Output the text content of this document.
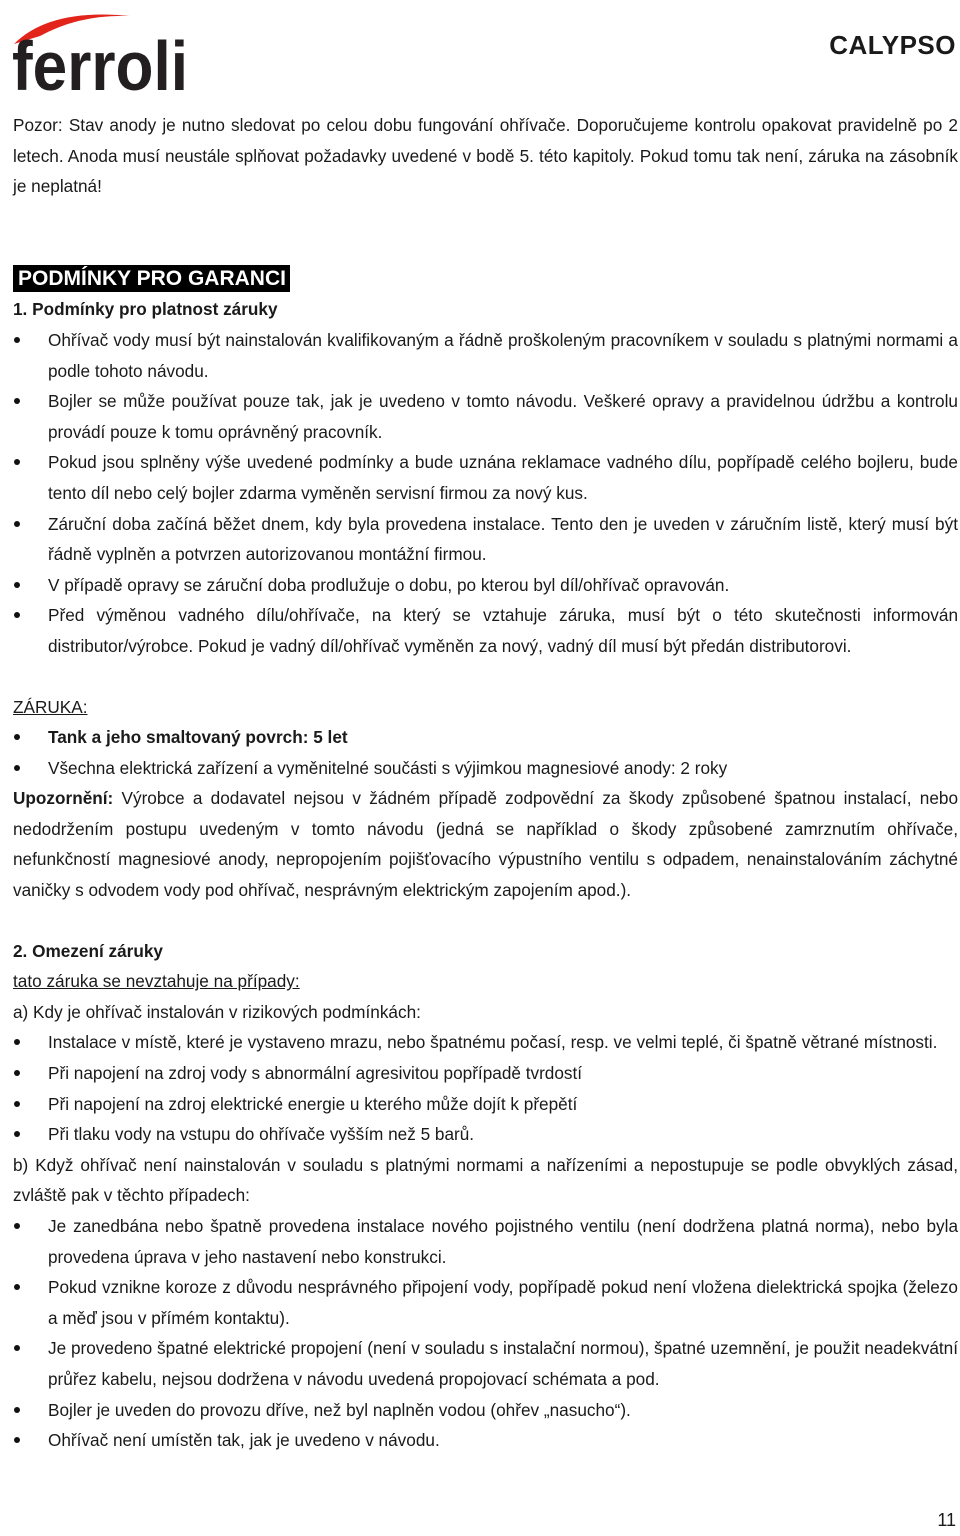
ferroli	CALYPSO

Pozor: Stav anody je nutno sledovat po celou dobu fungování ohřívače. Doporučujeme kontrolu opakovat pravidelně po 2 letech. Anoda musí neustále splňovat požadavky uvedené v bodě 5. této kapitoly. Pokud tomu tak není, záruka na zásobník je neplatná!

PODMÍNKY PRO GARANCI

1. Podmínky pro platnost záruky

Ohřívač vody musí být nainstalován kvalifikovaným a řádně proškoleným pracovníkem v souladu s platnými normami a podle tohoto návodu.
Bojler se může používat pouze tak, jak je uvedeno v tomto návodu. Veškeré opravy a pravidelnou údržbu a kontrolu provádí pouze k tomu oprávněný pracovník.
Pokud jsou splněny výše uvedené podmínky a bude uznána reklamace vadného dílu, popřípadě celého bojleru, bude tento díl nebo celý bojler zdarma vyměněn servisní firmou za nový kus.
Záruční doba začíná běžet dnem, kdy byla provedena instalace. Tento den je uveden v záručním listě, který musí být řádně vyplněn a potvrzen autorizovanou montážní firmou.
V případě opravy se záruční doba prodlužuje o dobu, po kterou byl díl/ohřívač opravován.
Před výměnou vadného dílu/ohřívače, na který se vztahuje záruka, musí být o této skutečnosti informován distributor/výrobce. Pokud je vadný díl/ohřívač vyměněn za nový, vadný díl musí být předán distributorovi.

ZÁRUKA:

Tank a jeho smaltovaný povrch: 5 let
Všechna elektrická zařízení a vyměnitelné součásti s výjimkou magnesiové anody: 2 roky

Upozornění: Výrobce a dodavatel nejsou v žádném případě zodpovědní za škody způsobené špatnou instalací, nebo nedodržením postupu uvedeným v tomto návodu (jedná se například o škody způsobené zamrznutím ohřívače, nefunkčností magnesiové anody, nepropojením pojišťovacího výpustního ventilu s odpadem, nenainstalováním záchytné vaničky s odvodem vody pod ohřívač, nesprávným elektrickým zapojením apod.).

2. Omezení záruky

tato záruka se nevztahuje na případy:

a) Kdy je ohřívač instalován v rizikových podmínkách:

Instalace v místě, které je vystaveno mrazu, nebo špatnému počasí, resp. ve velmi teplé, či špatně větrané místnosti.
Při napojení na zdroj vody s abnormální agresivitou popřípadě tvrdostí
Při napojení na zdroj elektrické energie u kterého může dojít k přepětí
Při tlaku vody na vstupu do ohřívače vyšším než 5 barů.

b) Když ohřívač není nainstalován v souladu s platnými normami a nařízeními a nepostupuje se podle obvyklých zásad, zvláště pak v těchto případech:

Je zanedbána nebo špatně provedena instalace nového pojistného ventilu (není dodržena platná norma), nebo byla provedena úprava v jeho nastavení nebo konstrukci.
Pokud vznikne koroze z důvodu nesprávného připojení vody, popřípadě pokud není vložena dielektrická spojka (železo a měď jsou v přímém kontaktu).
Je provedeno špatné elektrické propojení (není v souladu s instalační normou), špatné uzemnění, je použit neadekvátní průřez kabelu, nejsou dodržena v návodu uvedená propojovací schémata a pod.
Bojler je uveden do provozu dříve, než byl naplněn vodou (ohřev „nasucho“).
Ohřívač není umístěn tak, jak je uvedeno v návodu.
11
